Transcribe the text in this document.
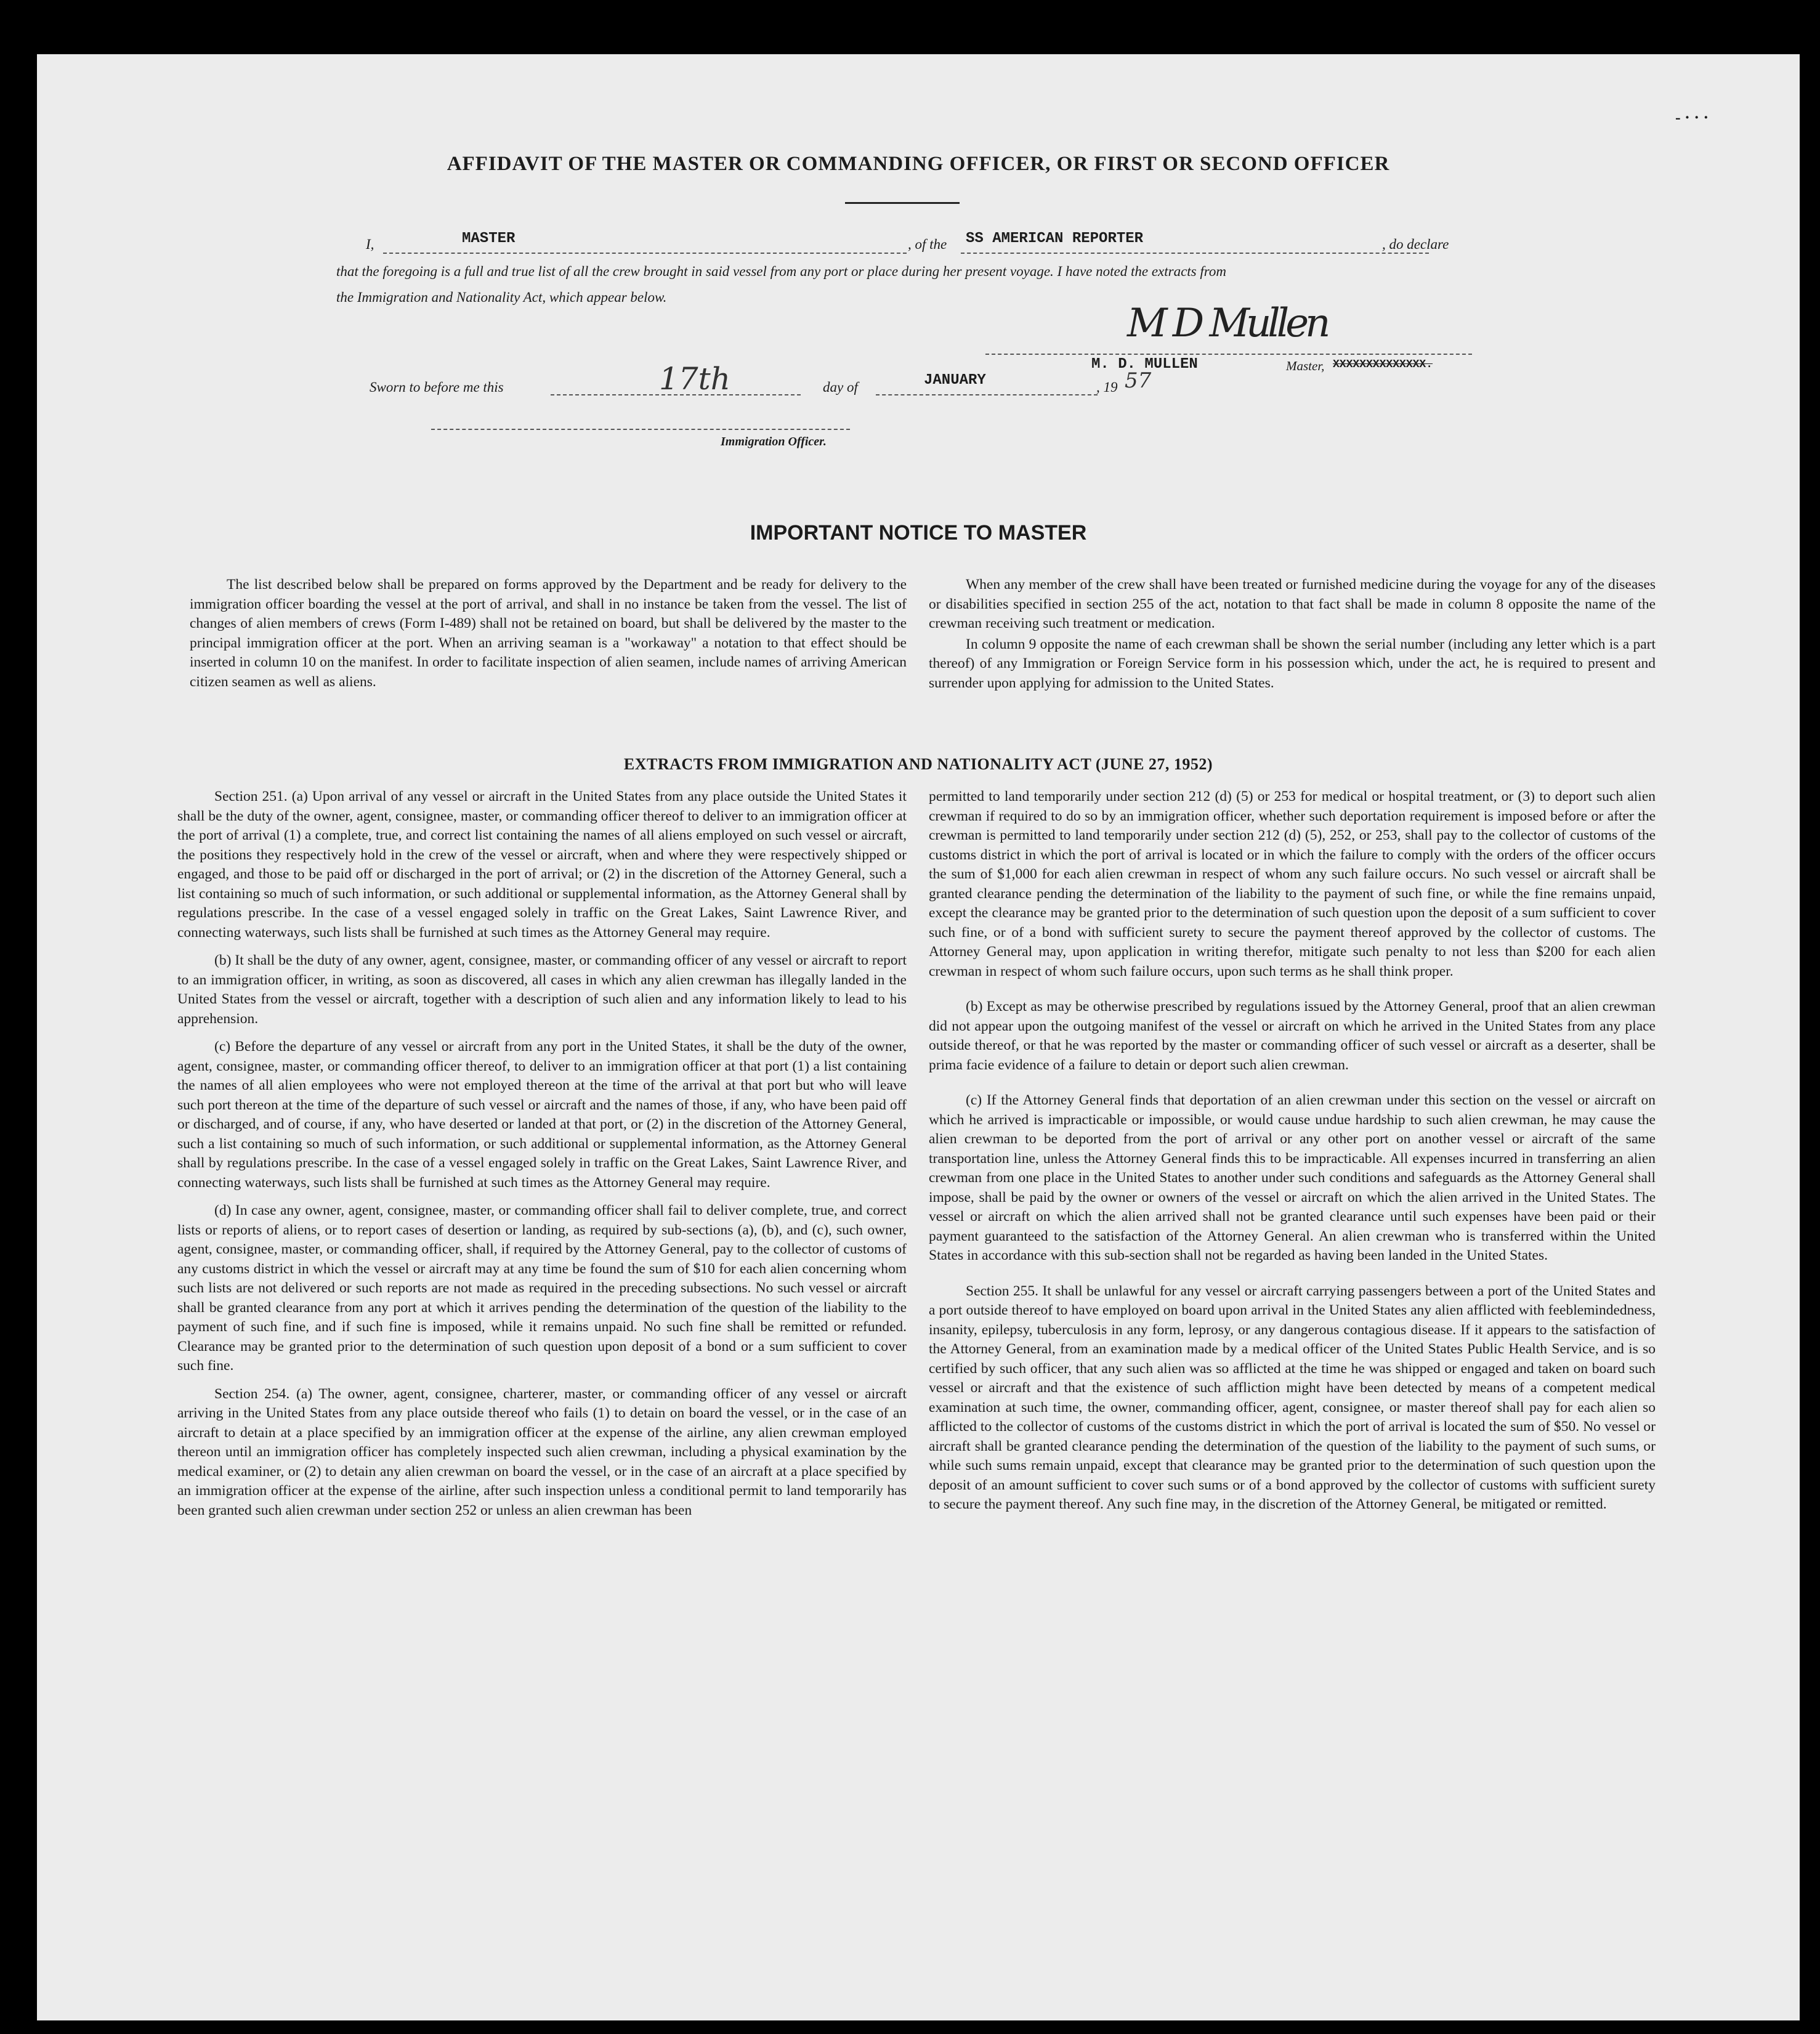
- · · ·
AFFIDAVIT OF THE MASTER OR COMMANDING OFFICER, OR FIRST OR SECOND OFFICER
I,	MASTER	, of the SS AMERICAN REPORTER	, do declare
that the foregoing is a full and true list of all the crew brought in said vessel from any port or place during her present voyage. I have noted the extracts from
the Immigration and Nationality Act, which appear below.
M D Mullen
M. D. MULLEN	Master, XXXXXXXXXXXXXX.
Sworn to before me this	17th	day of	JANUARY	, 19 57
Immigration Officer.
IMPORTANT NOTICE TO MASTER

The list described below shall be prepared on forms approved by the Department and be ready for delivery to the immigration officer boarding the vessel at the port of arrival, and shall in no instance be taken from the vessel. The list of changes of alien members of crews (Form I-489) shall not be retained on board, but shall be delivered by the master to the principal immigration officer at the port. When an arriving seaman is a "workaway" a notation to that effect should be inserted in column 10 on the manifest. In order to facilitate inspection of alien seamen, include names of arriving American citizen seamen as well as aliens.

When any member of the crew shall have been treated or furnished medicine during the voyage for any of the diseases or disabilities specified in section 255 of the act, notation to that fact shall be made in column 8 opposite the name of the crewman receiving such treatment or medication.

In column 9 opposite the name of each crewman shall be shown the serial number (including any letter which is a part thereof) of any Immigration or Foreign Service form in his possession which, under the act, he is required to present and surrender upon applying for admission to the United States.

EXTRACTS FROM IMMIGRATION AND NATIONALITY ACT (JUNE 27, 1952)

Section 251. (a) Upon arrival of any vessel or aircraft in the United States from any place outside the United States it shall be the duty of the owner, agent, consignee, master, or commanding officer thereof to deliver to an immigration officer at the port of arrival (1) a complete, true, and correct list containing the names of all aliens employed on such vessel or aircraft, the positions they respectively hold in the crew of the vessel or aircraft, when and where they were respectively shipped or engaged, and those to be paid off or discharged in the port of arrival; or (2) in the discretion of the Attorney General, such a list containing so much of such information, or such additional or supplemental information, as the Attorney General shall by regulations prescribe. In the case of a vessel engaged solely in traffic on the Great Lakes, Saint Lawrence River, and connecting waterways, such lists shall be furnished at such times as the Attorney General may require.

(b) It shall be the duty of any owner, agent, consignee, master, or commanding officer of any vessel or aircraft to report to an immigration officer, in writing, as soon as discovered, all cases in which any alien crewman has illegally landed in the United States from the vessel or aircraft, together with a description of such alien and any information likely to lead to his apprehension.

(c) Before the departure of any vessel or aircraft from any port in the United States, it shall be the duty of the owner, agent, consignee, master, or commanding officer thereof, to deliver to an immigration officer at that port (1) a list containing the names of all alien employees who were not employed thereon at the time of the arrival at that port but who will leave such port thereon at the time of the departure of such vessel or aircraft and the names of those, if any, who have been paid off or discharged, and of course, if any, who have deserted or landed at that port, or (2) in the discretion of the Attorney General, such a list containing so much of such information, or such additional or supplemental information, as the Attorney General shall by regulations prescribe. In the case of a vessel engaged solely in traffic on the Great Lakes, Saint Lawrence River, and connecting waterways, such lists shall be furnished at such times as the Attorney General may require.

(d) In case any owner, agent, consignee, master, or commanding officer shall fail to deliver complete, true, and correct lists or reports of aliens, or to report cases of desertion or landing, as required by sub-sections (a), (b), and (c), such owner, agent, consignee, master, or commanding officer, shall, if required by the Attorney General, pay to the collector of customs of any customs district in which the vessel or aircraft may at any time be found the sum of $10 for each alien concerning whom such lists are not delivered or such reports are not made as required in the preceding subsections. No such vessel or aircraft shall be granted clearance from any port at which it arrives pending the determination of the question of the liability to the payment of such fine, and if such fine is imposed, while it remains unpaid. No such fine shall be remitted or refunded. Clearance may be granted prior to the determination of such question upon deposit of a bond or a sum sufficient to cover such fine.

Section 254. (a) The owner, agent, consignee, charterer, master, or commanding officer of any vessel or aircraft arriving in the United States from any place outside thereof who fails (1) to detain on board the vessel, or in the case of an aircraft to detain at a place specified by an immigration officer at the expense of the airline, any alien crewman employed thereon until an immigration officer has completely inspected such alien crewman, including a physical examination by the medical examiner, or (2) to detain any alien crewman on board the vessel, or in the case of an aircraft at a place specified by an immigration officer at the expense of the airline, after such inspection unless a conditional permit to land temporarily has been granted such alien crewman under section 252 or unless an alien crewman has been

permitted to land temporarily under section 212 (d) (5) or 253 for medical or hospital treatment, or (3) to deport such alien crewman if required to do so by an immigration officer, whether such deportation requirement is imposed before or after the crewman is permitted to land temporarily under section 212 (d) (5), 252, or 253, shall pay to the collector of customs of the customs district in which the port of arrival is located or in which the failure to comply with the orders of the officer occurs the sum of $1,000 for each alien crewman in respect of whom any such failure occurs. No such vessel or aircraft shall be granted clearance pending the determination of the liability to the payment of such fine, or while the fine remains unpaid, except the clearance may be granted prior to the determination of such question upon the deposit of a sum sufficient to cover such fine, or of a bond with sufficient surety to secure the payment thereof approved by the collector of customs. The Attorney General may, upon application in writing therefor, mitigate such penalty to not less than $200 for each alien crewman in respect of whom such failure occurs, upon such terms as he shall think proper.

(b) Except as may be otherwise prescribed by regulations issued by the Attorney General, proof that an alien crewman did not appear upon the outgoing manifest of the vessel or aircraft on which he arrived in the United States from any place outside thereof, or that he was reported by the master or commanding officer of such vessel or aircraft as a deserter, shall be prima facie evidence of a failure to detain or deport such alien crewman.

(c) If the Attorney General finds that deportation of an alien crewman under this section on the vessel or aircraft on which he arrived is impracticable or impossible, or would cause undue hardship to such alien crewman, he may cause the alien crewman to be deported from the port of arrival or any other port on another vessel or aircraft of the same transportation line, unless the Attorney General finds this to be impracticable. All expenses incurred in transferring an alien crewman from one place in the United States to another under such conditions and safeguards as the Attorney General shall impose, shall be paid by the owner or owners of the vessel or aircraft on which the alien arrived in the United States. The vessel or aircraft on which the alien arrived shall not be granted clearance until such expenses have been paid or their payment guaranteed to the satisfaction of the Attorney General. An alien crewman who is transferred within the United States in accordance with this sub-section shall not be regarded as having been landed in the United States.

Section 255. It shall be unlawful for any vessel or aircraft carrying passengers between a port of the United States and a port outside thereof to have employed on board upon arrival in the United States any alien afflicted with feeblemindedness, insanity, epilepsy, tuberculosis in any form, leprosy, or any dangerous contagious disease. If it appears to the satisfaction of the Attorney General, from an examination made by a medical officer of the United States Public Health Service, and is so certified by such officer, that any such alien was so afflicted at the time he was shipped or engaged and taken on board such vessel or aircraft and that the existence of such affliction might have been detected by means of a competent medical examination at such time, the owner, commanding officer, agent, consignee, or master thereof shall pay for each alien so afflicted to the collector of customs of the customs district in which the port of arrival is located the sum of $50. No vessel or aircraft shall be granted clearance pending the determination of the question of the liability to the payment of such sums, or while such sums remain unpaid, except that clearance may be granted prior to the determination of such question upon the deposit of an amount sufficient to cover such sums or of a bond approved by the collector of customs with sufficient surety to secure the payment thereof. Any such fine may, in the discretion of the Attorney General, be mitigated or remitted.
